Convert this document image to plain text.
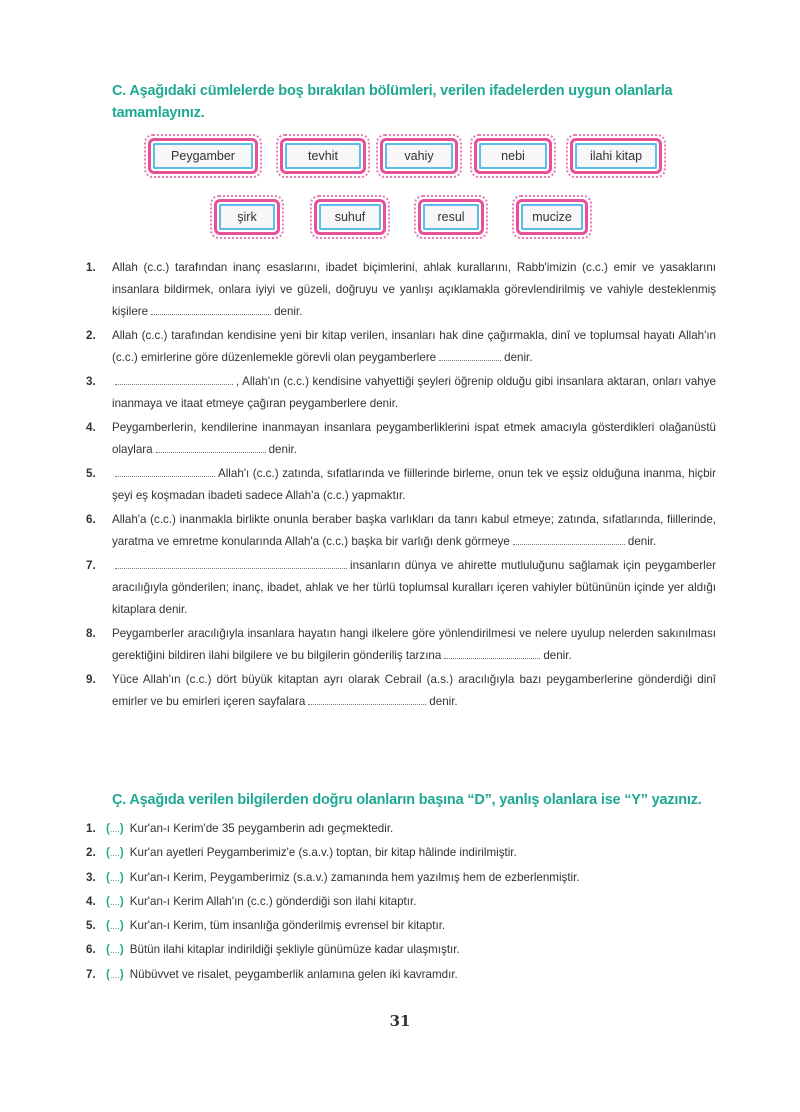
C. Aşağıdaki cümlelerde boş bırakılan bölümleri, verilen ifadelerden uygun olanlarla tamamlayınız.
Peygamber	tevhit	vahiy	nebi	ilahi kitap
şirk	suhuf	resul	mucize
1. Allah (c.c.) tarafından inanç esaslarını, ibadet biçimlerini, ahlak kurallarını, Rabb'imizin (c.c.) emir ve yasaklarını insanlara bildirmek, onlara iyiyi ve güzeli, doğruyu ve yanlışı açıklamakla görevlendirilmiş ve vahiyle desteklenmiş kişilere	denir.
2. Allah (c.c.) tarafından kendisine yeni bir kitap verilen, insanları hak dine çağırmakla, dinî ve toplumsal hayatı Allah'ın (c.c.) emirlerine göre düzenlemekle görevli olan peygamberlere	denir.
3.	, Allah'ın (c.c.) kendisine vahyettiği şeyleri öğrenip olduğu gibi insanlara aktaran, onları vahye inanmaya ve itaat etmeye çağıran peygamberlere denir.
4. Peygamberlerin, kendilerine inanmayan insanlara peygamberliklerini ispat etmek amacıyla gösterdikleri olağanüstü olaylara	denir.
5.	Allah'ı (c.c.) zatında, sıfatlarında ve fiillerinde birleme, onun tek ve eşsiz olduğuna inanma, hiçbir şeyi eş koşmadan ibadeti sadece Allah'a (c.c.) yapmaktır.
6. Allah'a (c.c.) inanmakla birlikte onunla beraber başka varlıkları da tanrı kabul etmeye; zatında, sıfatlarında, fiillerinde, yaratma ve emretme konularında Allah'a (c.c.) başka bir varlığı denk görmeye	denir.
7.	insanların dünya ve ahirette mutluluğunu sağlamak için peygamberler aracılığıyla gönderilen; inanç, ibadet, ahlak ve her türlü toplumsal kuralları içeren vahiyler bütününün içinde yer aldığı kitaplara denir.
8. Peygamberler aracılığıyla insanlara hayatın hangi ilkelere göre yönlendirilmesi ve nelere uyulup nelerden sakınılması gerektiğini bildiren ilahi bilgilere ve bu bilgilerin gönderiliş tarzına	denir.
9. Yüce Allah'ın (c.c.) dört büyük kitaptan ayrı olarak Cebrail (a.s.) aracılığıyla bazı peygamberlerine gönderdiği dinî emirler ve bu emirleri içeren sayfalara	denir.
Ç. Aşağıda verilen bilgilerden doğru olanların başına “D”, yanlış olanlara ise “Y” yazınız.
1. (....) Kur'an-ı Kerim'de 35 peygamberin adı geçmektedir.
2. (....) Kur'an ayetleri Peygamberimiz'e (s.a.v.) toptan, bir kitap hâlinde indirilmiştir.
3. (....) Kur'an-ı Kerim, Peygamberimiz (s.a.v.) zamanında hem yazılmış hem de ezberlenmiştir.
4. (....) Kur'an-ı Kerim Allah'ın (c.c.) gönderdiği son ilahi kitaptır.
5. (....) Kur'an-ı Kerim, tüm insanlığa gönderilmiş evrensel bir kitaptır.
6. (....) Bütün ilahi kitaplar indirildiği şekliyle günümüze kadar ulaşmıştır.
7. (....) Nübüvvet ve risalet, peygamberlik anlamına gelen iki kavramdır.
31
